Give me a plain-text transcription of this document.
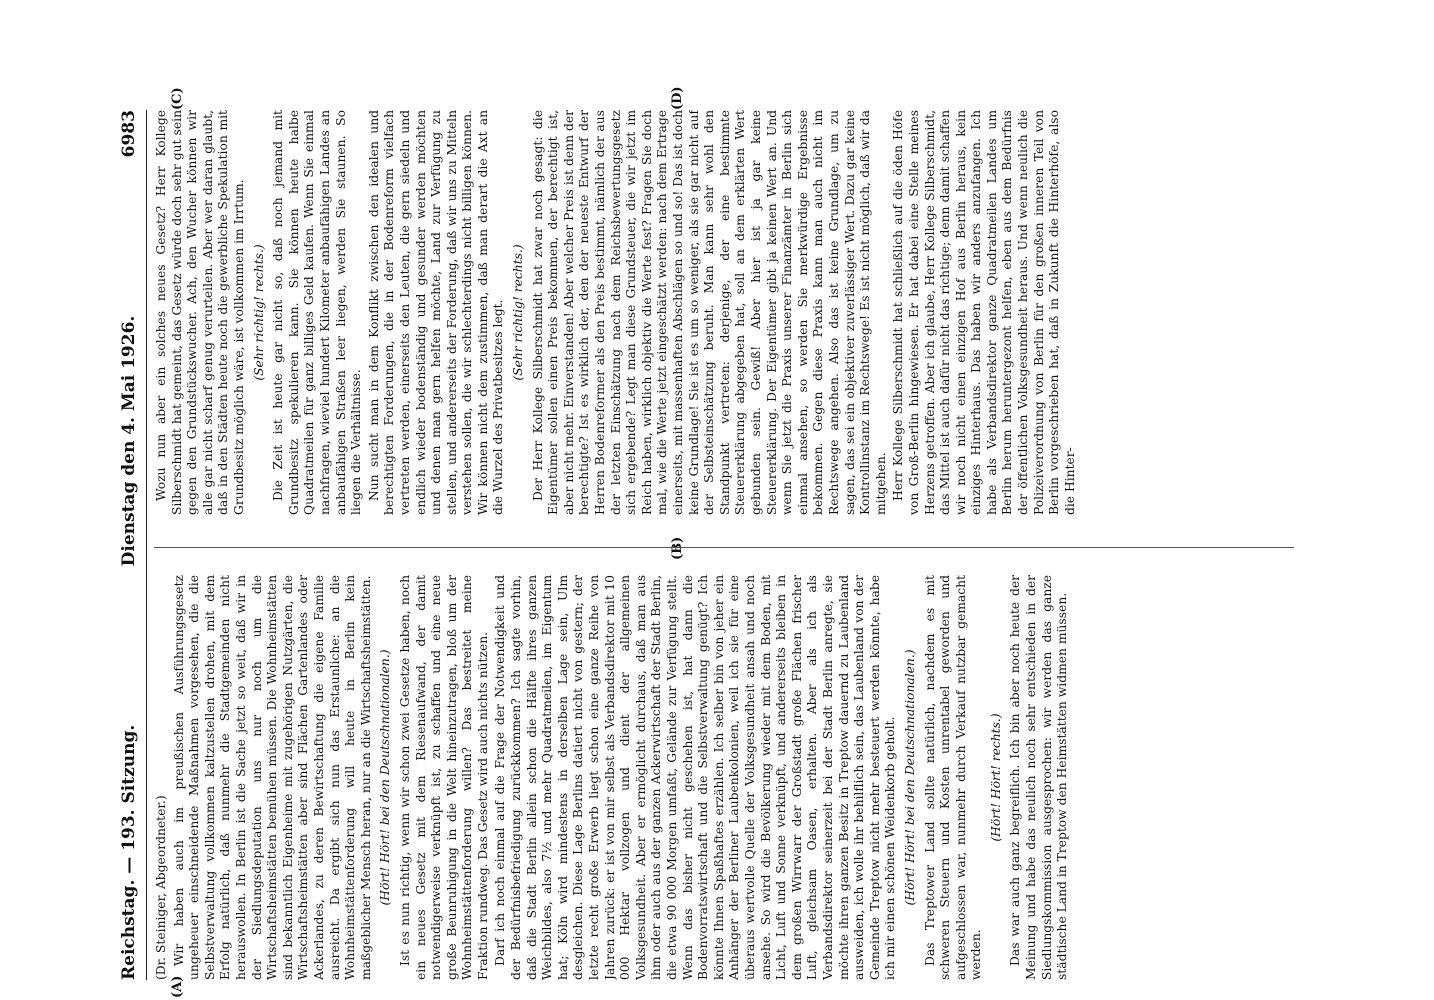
Reichstag. — 193. Sitzung.
Dienstag den 4. Mai 1926.
6983
(A)
(B)
(C)	(D)

(Dr. Steiniger, Abgeordneter.) Wir haben auch im preußischen Ausführungsgesetz ungeheuer einschneidende Maßnahmen vorgesehen, die die Selbstverwaltung vollkommen kaltzustellen drohen, mit dem Erfolg natürlich, daß nunmehr die Stadtgemeinden nicht herauswollen. In Berlin ist die Sache jetzt so weit, daß wir in der Siedlungsdeputation uns nur noch um die Wirtschaftsheimstätten bemühen müssen. Die Wohnheimstätten sind bekanntlich Eigenheime mit zugehörigen Nutzgärten, die Wirtschaftsheimstätten aber sind Flächen Gartenlandes oder Ackerlandes, zu deren Bewirtschaftung die eigene Familie ausreicht. Da ergibt sich nun das Erstaunliche: an die Wohnheimstättenforderung will heute in Berlin kein maßgeblicher Mensch heran, nur an die Wirtschaftsheimstätten. (Hört! Hört! bei den Deutschnationalen.) Ist es nun richtig, wenn wir schon zwei Gesetze haben, noch ein neues Gesetz mit dem Riesenaufwand, der damit notwendigerweise verknüpft ist, zu schaffen und eine neue große Beunruhigung in die Welt hineinzutragen, bloß um der Wohnheimstättenforderung willen? Das bestreitet meine Fraktion rundweg. Das Gesetz wird auch nichts nützen. Darf ich noch einmal auf die Frage der Notwendigkeit und der Bedürfnisbefriedigung zurückkommen? Ich sagte vorhin, daß die Stadt Berlin allein schon die Hälfte ihres ganzen Weichbildes, also 7½ und mehr Quadratmeilen, im Eigentum hat; Köln wird mindestens in derselben Lage sein, Ulm desgleichen. Diese Lage Berlins datiert nicht von gestern; der letzte recht große Erwerb liegt schon eine ganze Reihe von Jahren zurück: er ist von mir selbst als Verbandsdirektor mit 10 000 Hektar vollzogen und dient der allgemeinen Volksgesundheit. Aber er ermöglicht durchaus, daß man aus ihm oder auch aus der ganzen Ackerwirtschaft der Stadt Berlin, die etwa 90 000 Morgen umfaßt, Gelände zur Verfügung stellt. Wenn das bisher nicht geschehen ist, hat dann die Bodenvorratswirtschaft und die Selbstverwaltung genügt? Ich könnte Ihnen Spaßhaftes erzählen. Ich selber bin von jeher ein Anhänger der Berliner Laubenkolonien, weil ich sie für eine überaus wertvolle Quelle der Volksgesundheit ansah und noch ansehe. So wird die Bevölkerung wieder mit dem Boden, mit Licht, Luft und Sonne verknüpft, und andererseits bleiben in dem großen Wirrwarr der Großstadt große Flächen frischer Luft, gleichsam Oasen, erhalten. Aber als ich als Verbandsdirektor seinerzeit bei der Stadt Berlin anregte, sie möchte ihren ganzen Besitz in Treptow dauernd zu Laubenland ausweiden, ich wolle ihr behilflich sein, das Laubenland von der Gemeinde Treptow nicht mehr besteuert werden könnte, habe ich mir einen schönen Weidenkorb geholt. (Hört! Hört! bei den Deutschnationalen.) Das Treptower Land sollte natürlich, nachdem es mit schweren Steuern und Kosten unrentabel geworden und aufgeschlossen war, nunmehr durch Verkauf nutzbar gemacht werden.

(Hört! Hört! rechts.) Das war auch ganz begreiflich. Ich bin aber noch heute der Meinung und habe das neulich noch sehr entschieden in der Siedlungskommission ausgesprochen: wir werden das ganze städtische Land in Treptow den Heimstätten widmen müssen.

Wozu nun aber ein solches neues Gesetz? Herr Kollege Silberschmidt hat gemeint, das Gesetz würde doch sehr gut sein gegen den Grundstückswucher. Ach, den Wucher können wir alle gar nicht scharf genug verurteilen. Aber wer daran glaubt, daß in den Städten heute noch die gewerbliche Spekulation mit Grundbesitz möglich wäre, ist vollkommen im Irrtum. (Sehr richtig! rechts.) Die Zeit ist heute gar nicht so, daß noch jemand mit Grundbesitz spekulieren kann. Sie können heute halbe Quadratmeilen für ganz billiges Geld kaufen. Wenn Sie einmal nachfragen, wieviel hundert Kilometer anbaufähigen Landes an anbaufähigen Straßen leer liegen, werden Sie staunen. So liegen die Verhältnisse. Nun sucht man in dem Konflikt zwischen den idealen und berechtigten Forderungen, die in der Bodenreform vielfach vertreten werden, einerseits den Leuten, die gern siedeln und endlich wieder bodenständig und gesunder werden möchten und denen man gern helfen möchte, Land zur Verfügung zu stellen, und andererseits der Forderung, daß wir uns zu Mitteln verstehen sollen, die wir schlechterdings nicht billigen können. Wir können nicht dem zustimmen, daß man derart die Axt an die Wurzel des Privatbesitzes legt. (Sehr richtig! rechts.) Der Herr Kollege Silberschmidt hat zwar noch gesagt: die Eigentümer sollen einen Preis bekommen, der berechtigt ist, aber nicht mehr. Einverstanden! Aber welcher Preis ist denn der berechtigte? Ist es wirklich der, den der neueste Entwurf der Herren Bodenreformer als den Preis bestimmt, nämlich der aus der letzten Einschätzung nach dem Reichsbewertungsgesetz sich ergebende? Legt man diese Grundsteuer, die wir jetzt im Reich haben, wirklich objektiv die Werte fest? Fragen Sie doch mal, wie die Werte jetzt eingeschätzt werden: nach dem Ertrage einerseits, mit massenhaften Abschlägen so und so! Das ist doch keine Grundlage! Sie ist es um so weniger, als sie gar nicht auf der Selbsteinschätzung beruht. Man kann sehr wohl den Standpunkt vertreten: derjenige, der eine bestimmte Steuererklärung abgegeben hat, soll an dem erklärten Wert gebunden sein. Gewiß! Aber hier ist ja gar keine Steuererklärung. Der Eigentümer gibt ja keinen Wert an. Und wenn Sie jetzt die Praxis unserer Finanzämter in Berlin sich einmal ansehen, so werden Sie merkwürdige Ergebnisse bekommen. Gegen diese Praxis kann man auch nicht im Rechtswege angehen. Also das ist keine Grundlage, um zu sagen, das sei ein objektiver zuverlässiger Wert. Dazu gar keine Kontrollinstanz im Rechtswege! Es ist nicht möglich, daß wir da mitgehen. Herr Kollege Silberschmidt hat schließlich auf die öden Höfe von Groß-Berlin hingewiesen. Er hat dabei eine Stelle meines Herzens getroffen. Aber ich glaube, Herr Kollege Silberschmidt, das Mittel ist auch dafür nicht das richtige; denn damit schaffen wir noch nicht einen einzigen Hof aus Berlin heraus, kein einziges Hinterhaus. Das haben wir anders anzufangen. Ich habe als Verbandsdirektor ganze Quadratmeilen Landes um Berlin herum heruntergezont helfen, eben aus dem Bedürfnis der öffentlichen Volksgesundheit heraus. Und wenn neulich die Polizeiverordnung von Berlin für den großen inneren Teil von Berlin vorgeschrieben hat, daß in Zukunft die Hinterhöfe, also die Hinter-
